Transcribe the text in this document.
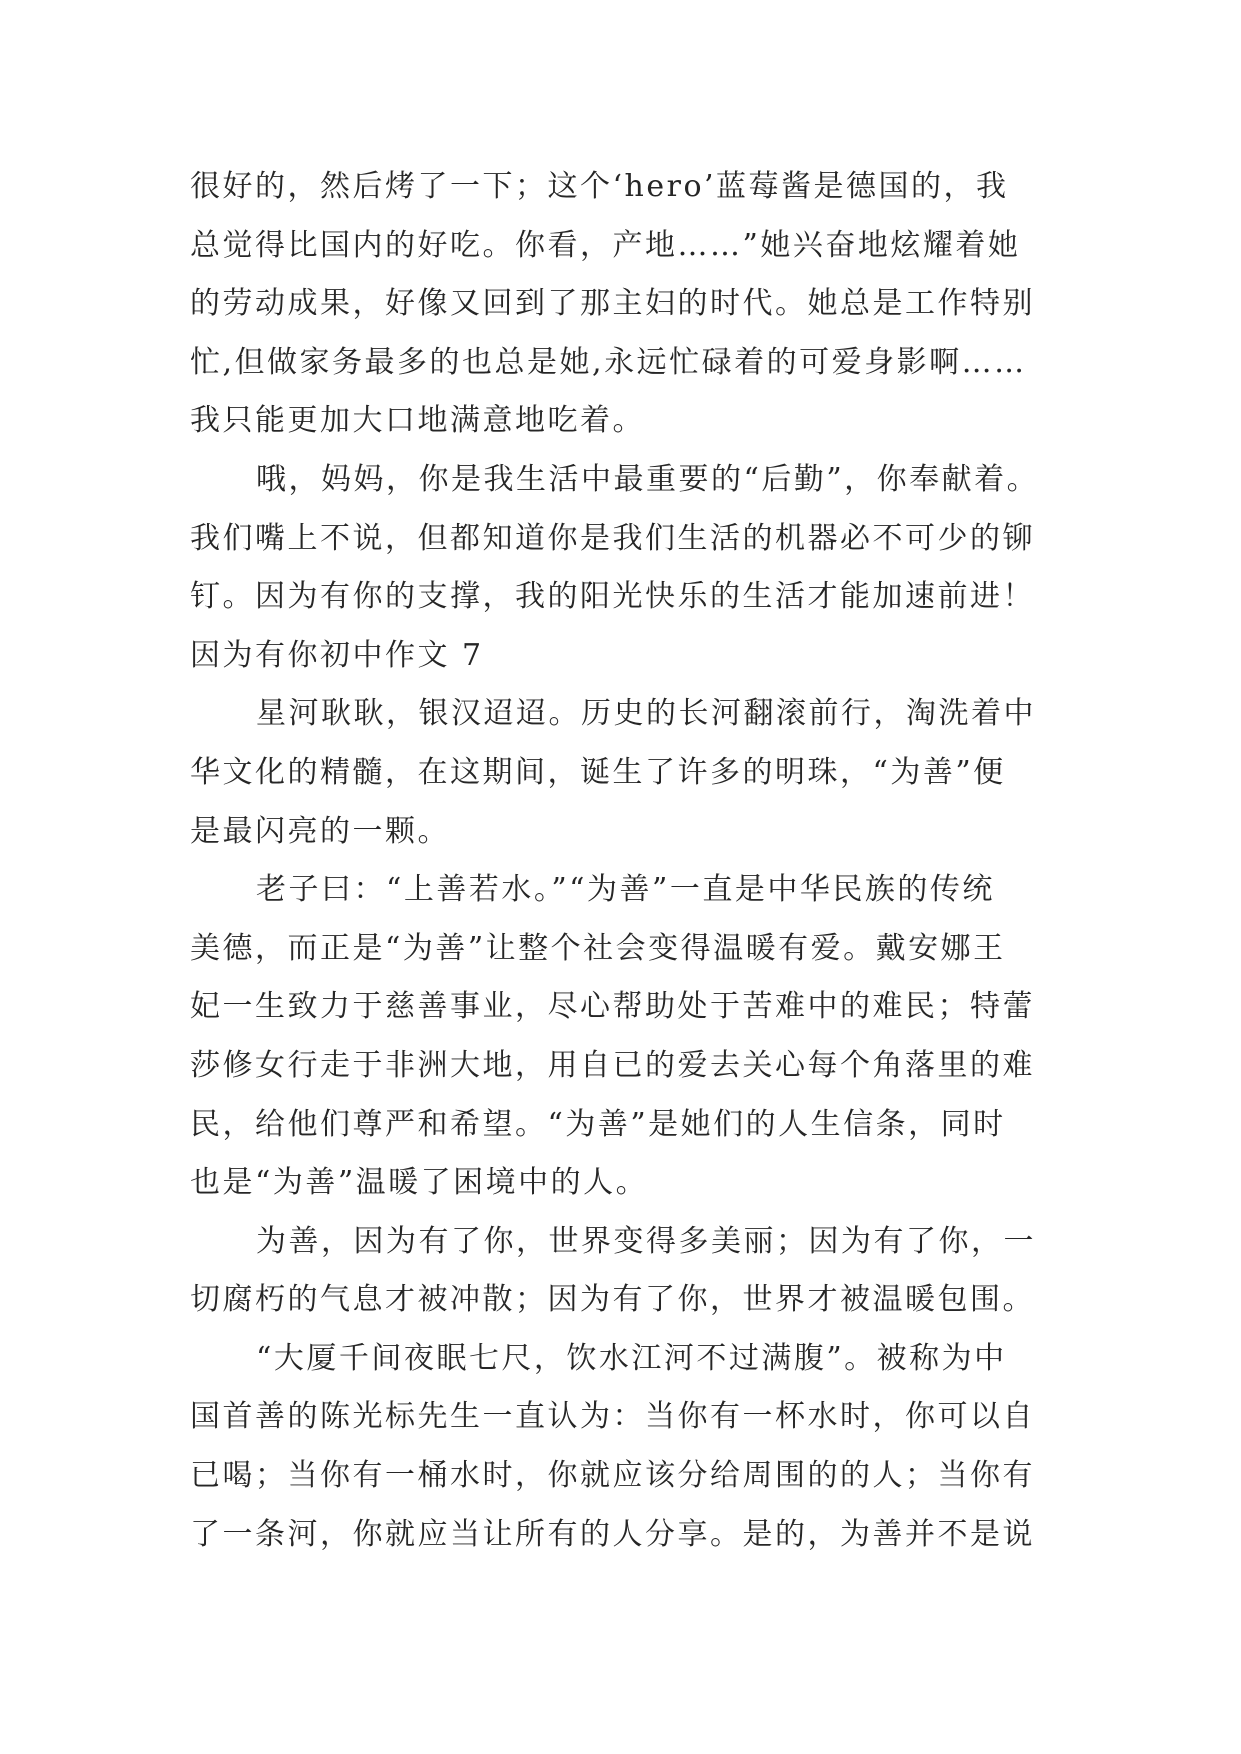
很好的，然后烤了一下；这个‘hero’蓝莓酱是德国的，我
总觉得比国内的好吃。你看，产地……”她兴奋地炫耀着她
的劳动成果，好像又回到了那主妇的时代。她总是工作特别
忙,但做家务最多的也总是她,永远忙碌着的可爱身影啊……
我只能更加大口地满意地吃着。
哦，妈妈，你是我生活中最重要的“后勤”，你奉献着。
我们嘴上不说，但都知道你是我们生活的机器必不可少的铆
钉。因为有你的支撑，我的阳光快乐的生活才能加速前进！
因为有你初中作文 7
星河耿耿，银汉迢迢。历史的长河翻滚前行，淘洗着中
华文化的精髓，在这期间，诞生了许多的明珠，“为善”便
是最闪亮的一颗。
老子曰：“上善若水。”“为善”一直是中华民族的传统
美德，而正是“为善”让整个社会变得温暖有爱。戴安娜王
妃一生致力于慈善事业，尽心帮助处于苦难中的难民；特蕾
莎修女行走于非洲大地，用自已的爱去关心每个角落里的难
民，给他们尊严和希望。“为善”是她们的人生信条，同时
也是“为善”温暖了困境中的人。
为善，因为有了你，世界变得多美丽；因为有了你，一
切腐朽的气息才被冲散；因为有了你，世界才被温暖包围。
“大厦千间夜眠七尺，饮水江河不过满腹”。被称为中
国首善的陈光标先生一直认为：当你有一杯水时，你可以自
已喝；当你有一桶水时，你就应该分给周围的的人；当你有
了一条河，你就应当让所有的人分享。是的，为善并不是说
